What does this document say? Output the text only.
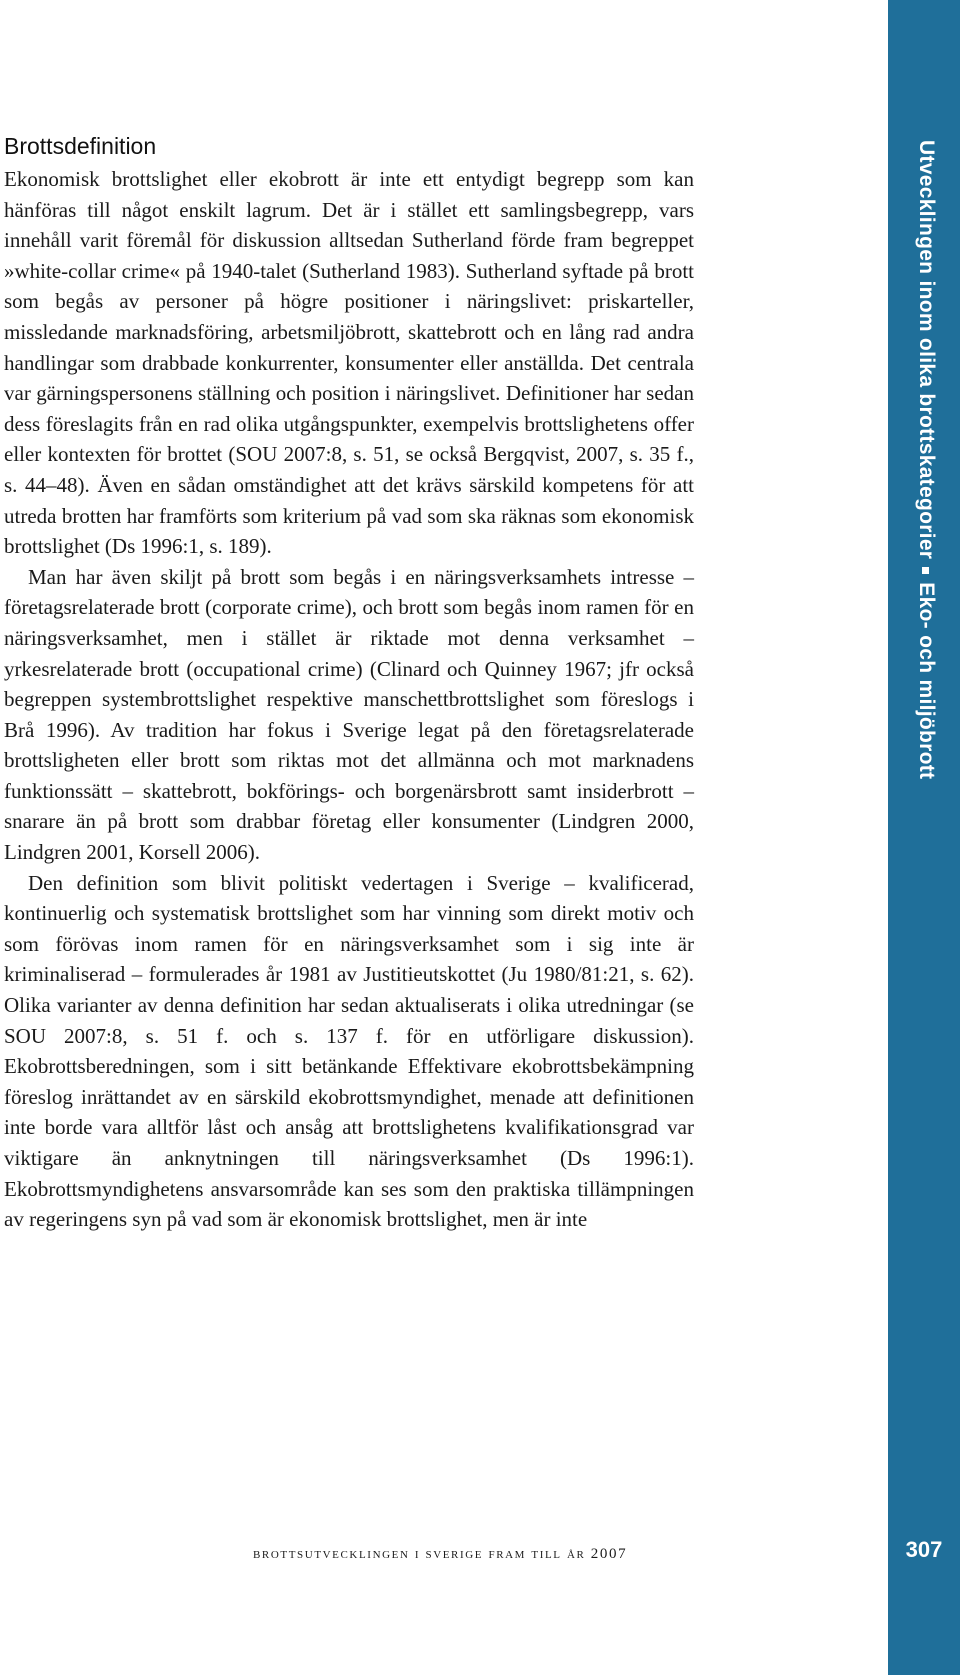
Brottsdefinition

Ekonomisk brottslighet eller ekobrott är inte ett entydigt begrepp som kan hänföras till något enskilt lagrum. Det är i stället ett samlingsbegrepp, vars innehåll varit föremål för diskussion alltsedan Sutherland förde fram begreppet »white-collar crime« på 1940-talet (Sutherland 1983). Sutherland syftade på brott som begås av personer på högre positioner i näringslivet: priskarteller, missledande marknadsföring, arbetsmiljöbrott, skattebrott och en lång rad andra handlingar som drabbade konkurrenter, konsumenter eller anställda. Det centrala var gärningspersonens ställning och position i näringslivet. Definitioner har sedan dess föreslagits från en rad olika utgångspunkter, exempelvis brottslighetens offer eller kontexten för brottet (SOU 2007:8, s. 51, se också Bergqvist, 2007, s. 35 f., s. 44–48). Även en sådan omständighet att det krävs särskild kompetens för att utreda brotten har framförts som kriterium på vad som ska räknas som ekonomisk brottslighet (Ds 1996:1, s. 189).

Man har även skiljt på brott som begås i en näringsverksamhets intresse – företagsrelaterade brott (corporate crime), och brott som begås inom ramen för en näringsverksamhet, men i stället är riktade mot denna verksamhet – yrkesrelaterade brott (occupational crime) (Clinard och Quinney 1967; jfr också begreppen systembrottslighet respektive manschettbrottslighet som föreslogs i Brå 1996). Av tradition har fokus i Sverige legat på den företagsrelaterade brottsligheten eller brott som riktas mot det allmänna och mot marknadens funktionssätt – skattebrott, bokförings- och borgenärsbrott samt insiderbrott – snarare än på brott som drabbar företag eller konsumenter (Lindgren 2000, Lindgren 2001, Korsell 2006).

Den definition som blivit politiskt vedertagen i Sverige – kvalificerad, kontinuerlig och systematisk brottslighet som har vinning som direkt motiv och som förövas inom ramen för en näringsverksamhet som i sig inte är kriminaliserad – formulerades år 1981 av Justitieutskottet (Ju 1980/81:21, s. 62). Olika varianter av denna definition har sedan aktualiserats i olika utredningar (se SOU 2007:8, s. 51 f. och s. 137 f. för en utförligare diskussion). Ekobrottsberedningen, som i sitt betänkande Effektivare ekobrottsbekämpning föreslog inrättandet av en särskild ekobrottsmyndighet, menade att definitionen inte borde vara alltför låst och ansåg att brottslighetens kvalifikationsgrad var viktigare än anknytningen till näringsverksamhet (Ds 1996:1). Ekobrottsmyndighetens ansvarsområde kan ses som den praktiska tillämpningen av regeringens syn på vad som är ekonomisk brottslighet, men är inte

brottsutvecklingen i sverige fram till år 2007
Utvecklingen inom olika brottskategorierEko- och miljöbrott
307
